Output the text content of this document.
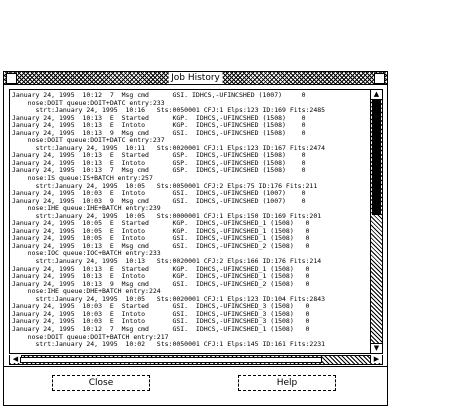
Job History
January 24, 1995  10:12  7  Msg cmd      GSI. IDHCS,-UFINCSHED (1007)     0
nose:DOIT queue:DOIT+DATC entry:233
strt:January 24, 1995  10:16   Sts:0050001 CFJ:1 Elps:123 ID:169 Fits:2485
January 24, 1995  10:13  E  Started      KGP.  IDHCS,-UFINCSHED (1508)    0
January 24, 1995  10:13  E  Intoto       KGP.  IDHCS,-UFINCSHED (1508)    0
January 24, 1995  10:13  9  Msg cmd      GSI.  IDHCS,-UFINCSHED (1508)    0
nose:DOIT queue:DOIT+DATC entry:237
strt:January 24, 1995  10:11   Sts:0020001 CFJ:1 Elps:123 ID:167 Fits:2474
January 24, 1995  10:13  E  Started      GSP.  IDHCS,-UFINCSHED (1508)    0
January 24, 1995  10:13  E  Intoto       GSP.  IDHCS,-UFINCSHED (1508)    0
January 24, 1995  10:13  7  Msg cmd      GSP.  IDHCS,-UFINCSHED (1508)    0
nose:IS queue:IS+BATCH entry:257
strt:January 24, 1995  10:05   Sts:0050001 CFJ:2 Elps:75 ID:176 Fits:211
January 24, 1995  10:03  E  Intoto       GSI.  IDHCS,-UFINCSHED (1007)    0
January 24, 1995  10:03  9  Msg cmd      GSI.  IDHCS,-UFINCSHED (1007)    0
nose:IHE queue:IHE+BATCH entry:239
strt:January 24, 1995  10:05   Sts:0000001 CFJ:1 Elps:150 ID:169 Fits:201
January 24, 1995  10:05  E  Started      KGP.  IDHCS,-UFINCSHED_1 (1508)   0
January 24, 1995  10:05  E  Intoto       KGP.  IDHCS,-UFINCSHED_1 (1508)   0
January 24, 1995  10:05  E  Intoto       GSI.  IDHCS,-UFINCSHED_1 (1508)   0
January 24, 1995  10:13  E  Msg cmd      GSI.  IDHCS,-UFINCSHED_2 (1508)   0
nose:IOC queue:IOC+BATCH entry:233
strt:January 24, 1995  10:13   Sts:0020001 CFJ:2 Elps:166 ID:176 Fits:214
January 24, 1995  10:13  E  Started      KGP.  IDHCS,-UFINCSHED_1 (1508)   0
January 24, 1995  10:13  E  Intoto       KGP.  IDHCS,-UFINCSHED_1 (1508)   0
January 24, 1995  10:13  9  Msg cmd      GSI.  IDHCS,-UFINCSHED_2 (1508)   0
nose:IHE queue:DHE+BATCH entry:224
strt:January 24, 1995  10:05   Sts:0020001 CFJ:1 Elps:123 ID:104 Fits:2843
January 24, 1995  10:03  E  Started      GSI.  IDHCS,-UFINCSHED_3 (1508)   0
January 24, 1995  10:03  E  Intoto       GSI.  IDHCS,-UFINCSHED_3 (1508)   0
January 24, 1995  10:03  E  Intoto       GSI.  IDHCS,-UFINCSHED_3 (1508)   0
January 24, 1995  10:12  7  Msg cmd      GSI.  IDHCS,-UFINCSHED_1 (1508)   0
nose:DOIT queue:DOIT+BATCH entry:217
strt:January 24, 1995  10:02   Sts:0050001 CFJ:1 Elps:145 ID:161 Fits:2231
▲
▼
◀	▶
Close	Help
